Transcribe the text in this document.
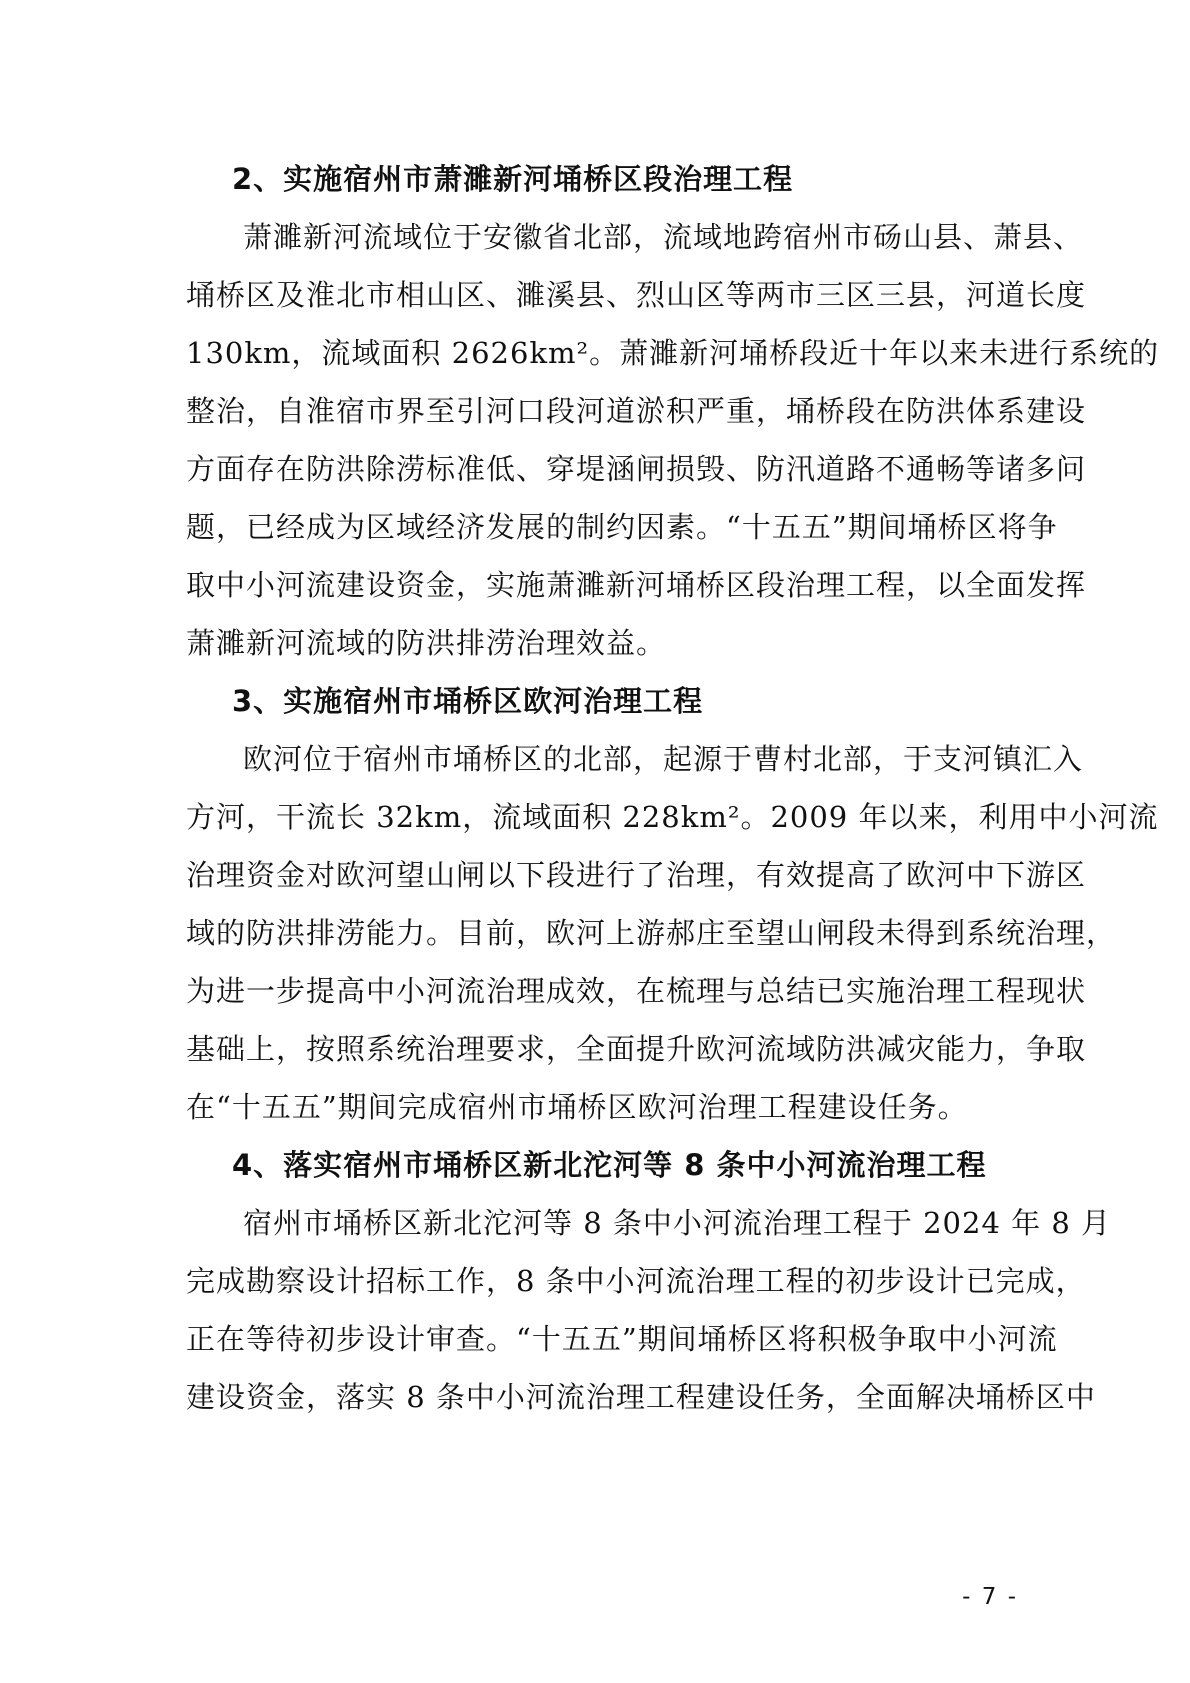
2、实施宿州市萧濉新河埇桥区段治理工程
萧濉新河流域位于安徽省北部，流域地跨宿州市砀山县、萧县、
埇桥区及淮北市相山区、濉溪县、烈山区等两市三区三县，河道长度
130km，流域面积 2626km²。萧濉新河埇桥段近十年以来未进行系统的
整治，自淮宿市界至引河口段河道淤积严重，埇桥段在防洪体系建设
方面存在防洪除涝标准低、穿堤涵闸损毁、防汛道路不通畅等诸多问
题，已经成为区域经济发展的制约因素。“十五五”期间埇桥区将争
取中小河流建设资金，实施萧濉新河埇桥区段治理工程，以全面发挥
萧濉新河流域的防洪排涝治理效益。
3、实施宿州市埇桥区欧河治理工程
欧河位于宿州市埇桥区的北部，起源于曹村北部，于支河镇汇入
方河，干流长 32km，流域面积 228km²。2009 年以来，利用中小河流
治理资金对欧河望山闸以下段进行了治理，有效提高了欧河中下游区
域的防洪排涝能力。目前，欧河上游郝庄至望山闸段未得到系统治理，
为进一步提高中小河流治理成效，在梳理与总结已实施治理工程现状
基础上，按照系统治理要求，全面提升欧河流域防洪减灾能力，争取
在“十五五”期间完成宿州市埇桥区欧河治理工程建设任务。
4、落实宿州市埇桥区新北沱河等 8 条中小河流治理工程
宿州市埇桥区新北沱河等 8 条中小河流治理工程于 2024 年 8 月
完成勘察设计招标工作，8 条中小河流治理工程的初步设计已完成，
正在等待初步设计审查。“十五五”期间埇桥区将积极争取中小河流
建设资金，落实 8 条中小河流治理工程建设任务，全面解决埇桥区中
- 7 -
